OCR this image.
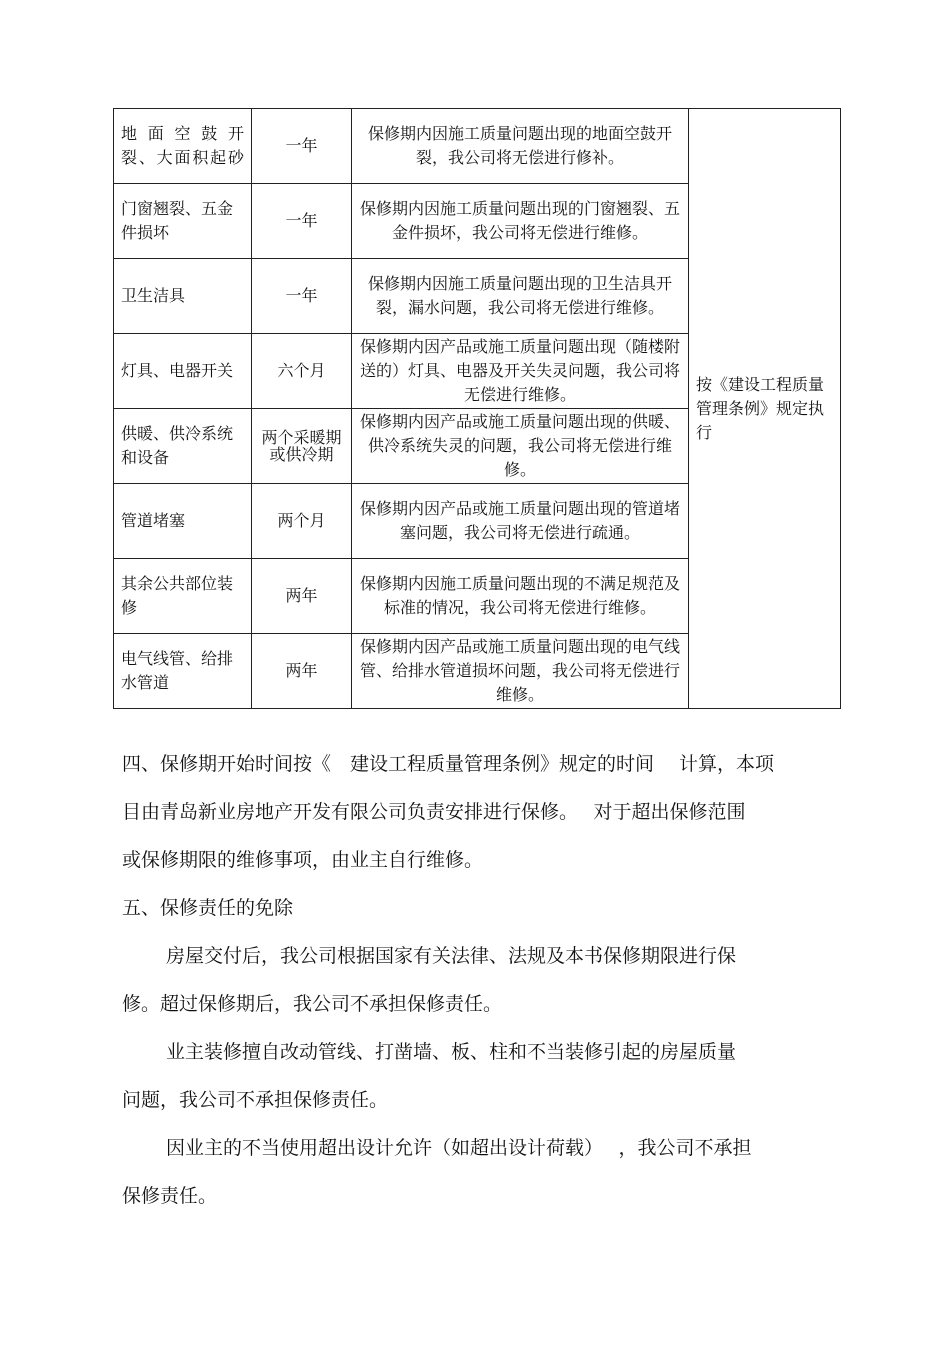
地 面 空 鼓 开裂、大面积起砂	一年	保修期内因施工质量问题出现的地面空鼓开裂，我公司将无偿进行修补。	按《建设工程质量管理条例》规定执行
门窗翘裂、五金件损坏	一年	保修期内因施工质量问题出现的门窗翘裂、五金件损坏，我公司将无偿进行维修。	
卫生洁具	一年	保修期内因施工质量问题出现的卫生洁具开裂，漏水问题，我公司将无偿进行维修。	
灯具、电器开关	六个月	保修期内因产品或施工质量问题出现（随楼附送的）灯具、电器及开关失灵问题，我公司将无偿进行维修。	
供暖、供冷系统和设备	两个采暖期或供冷期	保修期内因产品或施工质量问题出现的供暖、供冷系统失灵的问题，我公司将无偿进行维修。	
管道堵塞	两个月	保修期内因产品或施工质量问题出现的管道堵塞问题，我公司将无偿进行疏通。	
其余公共部位装修	两年	保修期内因施工质量问题出现的不满足规范及标准的情况，我公司将无偿进行维修。	
电气线管、给排水管道	两年	保修期内因产品或施工质量问题出现的电气线管、给排水管道损坏问题，我公司将无偿进行维修。	

四、保修期开始时间按《　建设工程质量管理条例》规定的时间　 计算，本项

目由青岛新业房地产开发有限公司负责安排进行保修。　 对于超出保修范围

或保修期限的维修事项，由业主自行维修。

五、保修责任的免除

房屋交付后，我公司根据国家有关法律、法规及本书保修期限进行保

修。超过保修期后，我公司不承担保修责任。

业主装修擅自改动管线、打凿墙、板、柱和不当装修引起的房屋质量

问题，我公司不承担保修责任。

因业主的不当使用超出设计允许（如超出设计荷载）　 ，我公司不承担

保修责任。
